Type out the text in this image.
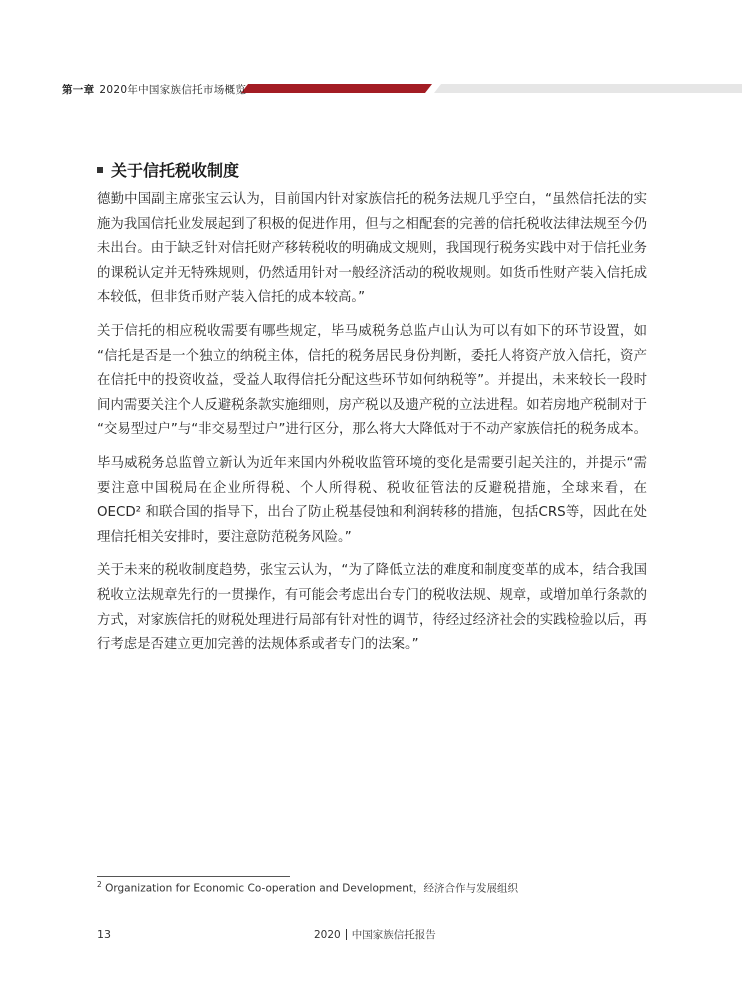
第一章 2020年中国家族信托市场概览
关于信托税收制度
德勤中国副主席张宝云认为，目前国内针对家族信托的税务法规几乎空白，“虽然信托法的实
施为我国信托业发展起到了积极的促进作用，但与之相配套的完善的信托税收法律法规至今仍
未出台。由于缺乏针对信托财产移转税收的明确成文规则，我国现行税务实践中对于信托业务
的课税认定并无特殊规则，仍然适用针对一般经济活动的税收规则。如货币性财产装入信托成
本较低，但非货币财产装入信托的成本较高。”
关于信托的相应税收需要有哪些规定，毕马威税务总监卢山认为可以有如下的环节设置，如
“信托是否是一个独立的纳税主体，信托的税务居民身份判断，委托人将资产放入信托，资产
在信托中的投资收益，受益人取得信托分配这些环节如何纳税等”。并提出，未来较长一段时
间内需要关注个人反避税条款实施细则，房产税以及遗产税的立法进程。如若房地产税制对于
“交易型过户”与“非交易型过户”进行区分，那么将大大降低对于不动产家族信托的税务成本。
毕马威税务总监曾立新认为近年来国内外税收监管环境的变化是需要引起关注的，并提示“需
要注意中国税局在企业所得税、个人所得税、税收征管法的反避税措施，全球来看，在
OECD² 和联合国的指导下，出台了防止税基侵蚀和利润转移的措施，包括CRS等，因此在处
理信托相关安排时，要注意防范税务风险。”
关于未来的税收制度趋势，张宝云认为，“为了降低立法的难度和制度变革的成本，结合我国
税收立法规章先行的一贯操作，有可能会考虑出台专门的税收法规、规章，或增加单行条款的
方式，对家族信托的财税处理进行局部有针对性的调节，待经过经济社会的实践检验以后，再
行考虑是否建立更加完善的法规体系或者专门的法案。”
$^2$ Organization for Economic Co-operation and Development，经济合作与发展组织
13	2020 中国家族信托报告
